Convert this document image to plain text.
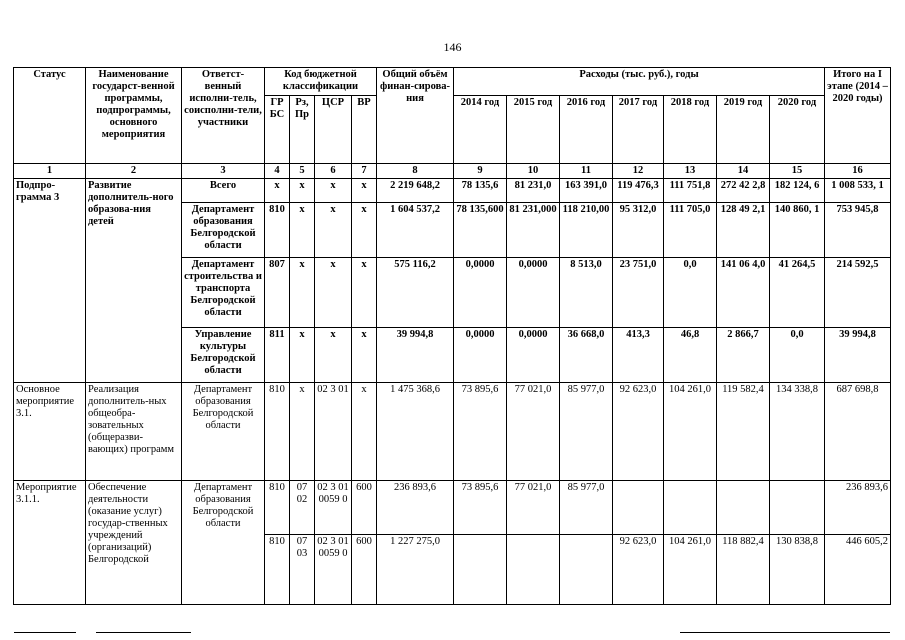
146
Статус	Наименование государст-венной программы, подпрограммы, основного мероприятия	Ответст-венный исполни-тель, соисполни-тели, участники	Код бюджетной классификации				Общий объём финан-сирова-ния	Расходы (тыс. руб.), годы							Итого на I этапе (2014 – 2020 годы)
			ГР БС	Рз, Пр	ЦСР	ВР		2014 год	2015 год	2016 год	2017 год	2018 год	2019 год	2020 год	
1	2	3	4	5	6	7	8	9	10	11	12	13	14	15	16
Подпро-грамма 3	Развитие дополнитель-ного образова-ния детей	Всего	х	х	х	х	2 219 648,2	78 135,6	81 231,0	163 391,0	119 476,3	111 751,8	272 42 2,8	182 124, 6	1 008 533, 1
		Департамент образования Белгородской области	810	х	х	х	1 604 537,2	78 135,600	81 231,000	118 210,00	95 312,0	111 705,0	128 49 2,1	140 860, 1	753 945,8
		Департамент строительства и транспорта Белгородской области	807	х	х	х	575 116,2	0,0000	0,0000	8 513,0	23 751,0	0,0	141 06 4,0	41 264,5	214 592,5
		Управление культуры Белгородской области	811	х	х	х	39 994,8	0,0000	0,0000	36 668,0	413,3	46,8	2 866,7	0,0	39 994,8
Основное мероприятие 3.1.	Реализация дополнитель-ных общеобра-зовательных (общеразви-вающих) программ	Департамент образования Белгородской области	810	х	02 3 01	х	1 475 368,6	73 895,6	77 021,0	85 977,0	92 623,0	104 261,0	119 582,4	134 338,8	687 698,8
Мероприятие 3.1.1.	Обеспечение деятельности (оказание услуг) государ-ственных учреждений (организаций) Белгородской	Департамент образования Белгородской области	810	07 02	02 3 01 0059 0	600	236 893,6	73 895,6	77 021,0	85 977,0					236 893,6
			810	07 03	02 3 01 0059 0	600	1 227 275,0				92 623,0	104 261,0	118 882,4	130 838,8	446 605,2
